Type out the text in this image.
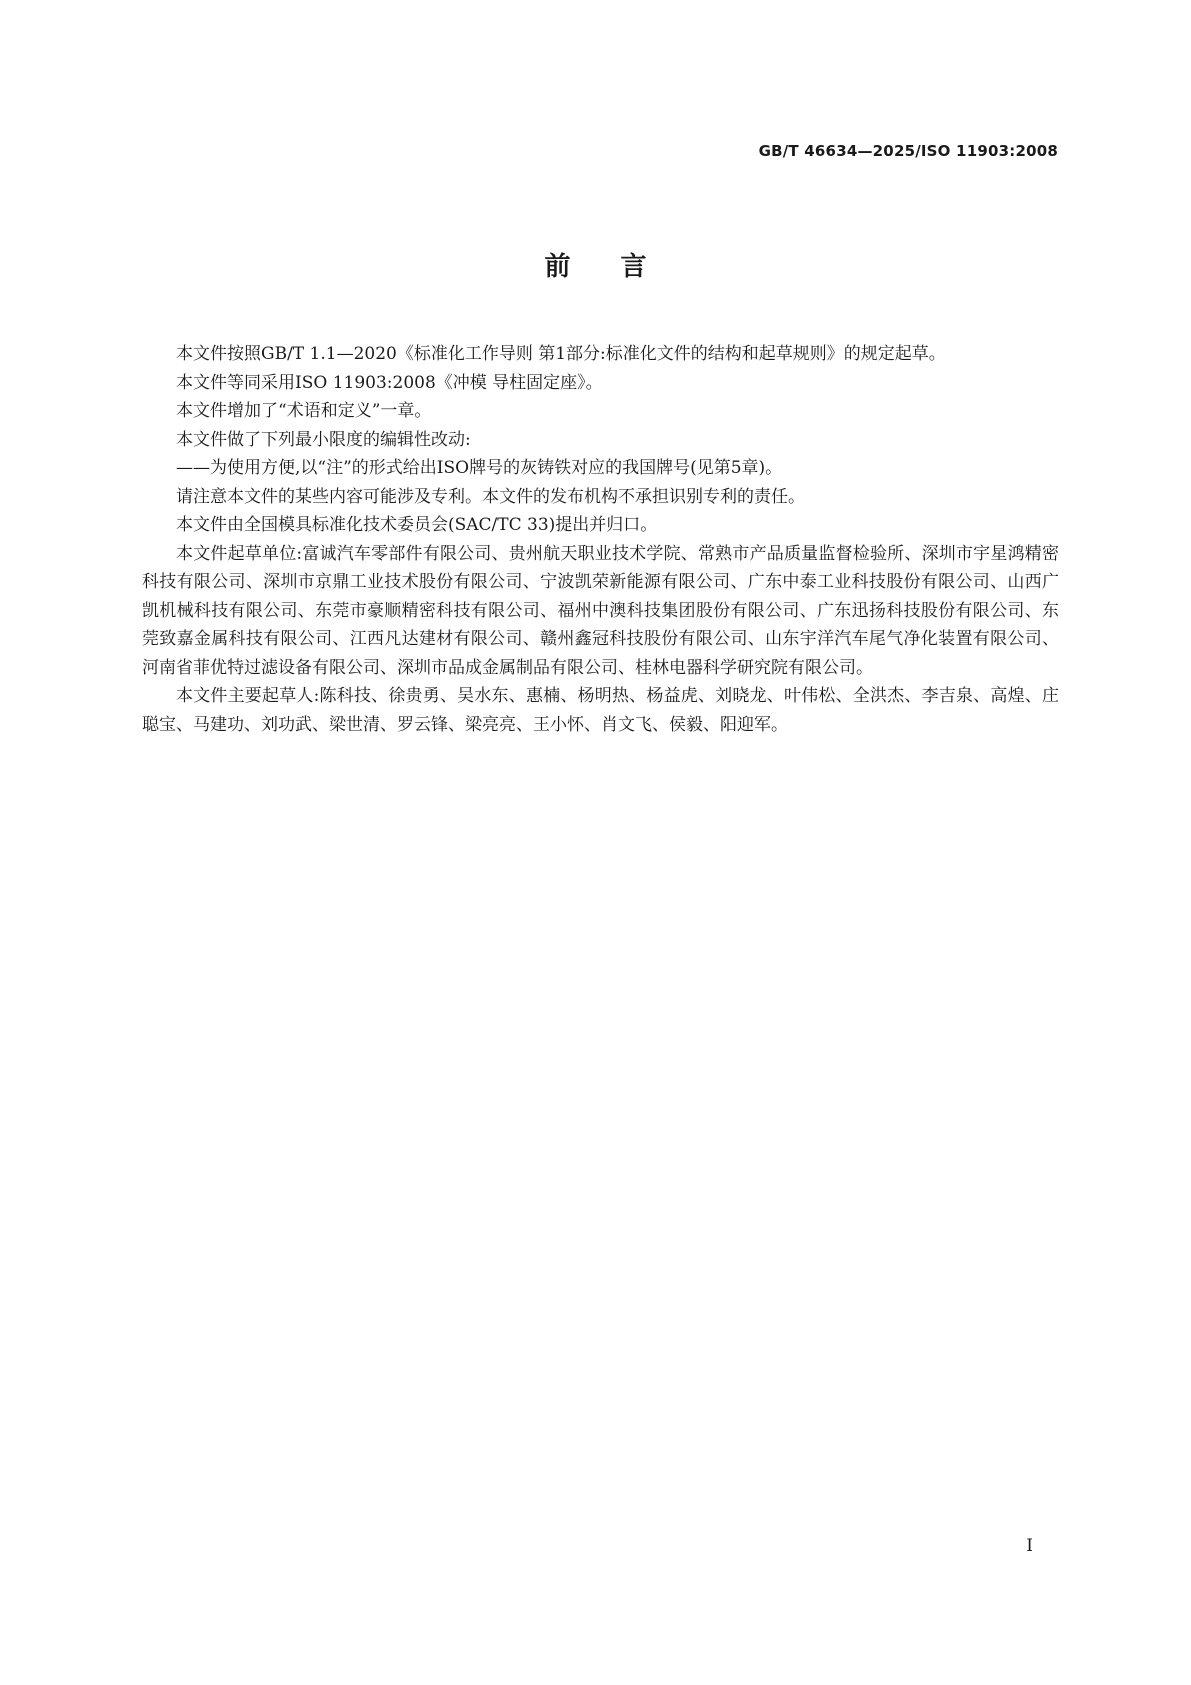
GB/T 46634—2025/ISO 11903:2008
前言

本文件按照GB/T 1.1—2020《标准化工作导则 第1部分:标准化文件的结构和起草规则》的规定起草。

本文件等同采用ISO 11903:2008《冲模 导柱固定座》。

本文件增加了“术语和定义”一章。

本文件做了下列最小限度的编辑性改动:

——为使用方便,以“注”的形式给出ISO牌号的灰铸铁对应的我国牌号(见第5章)。

请注意本文件的某些内容可能涉及专利。本文件的发布机构不承担识别专利的责任。

本文件由全国模具标准化技术委员会(SAC/TC 33)提出并归口。

本文件起草单位:富诚汽车零部件有限公司、贵州航天职业技术学院、常熟市产品质量监督检验所、深圳市宇星鸿精密科技有限公司、深圳市京鼎工业技术股份有限公司、宁波凯荣新能源有限公司、广东中泰工业科技股份有限公司、山西广凯机械科技有限公司、东莞市豪顺精密科技有限公司、福州中澳科技集团股份有限公司、广东迅扬科技股份有限公司、东莞致嘉金属科技有限公司、江西凡达建材有限公司、赣州鑫冠科技股份有限公司、山东宇洋汽车尾气净化装置有限公司、河南省菲优特过滤设备有限公司、深圳市品成金属制品有限公司、桂林电器科学研究院有限公司。

本文件主要起草人:陈科技、徐贵勇、吴水东、惠楠、杨明热、杨益虎、刘晓龙、叶伟松、全洪杰、李吉泉、高煌、庄聪宝、马建功、刘功武、梁世清、罗云锋、梁亮亮、王小怀、肖文飞、侯毅、阳迎军。

I
